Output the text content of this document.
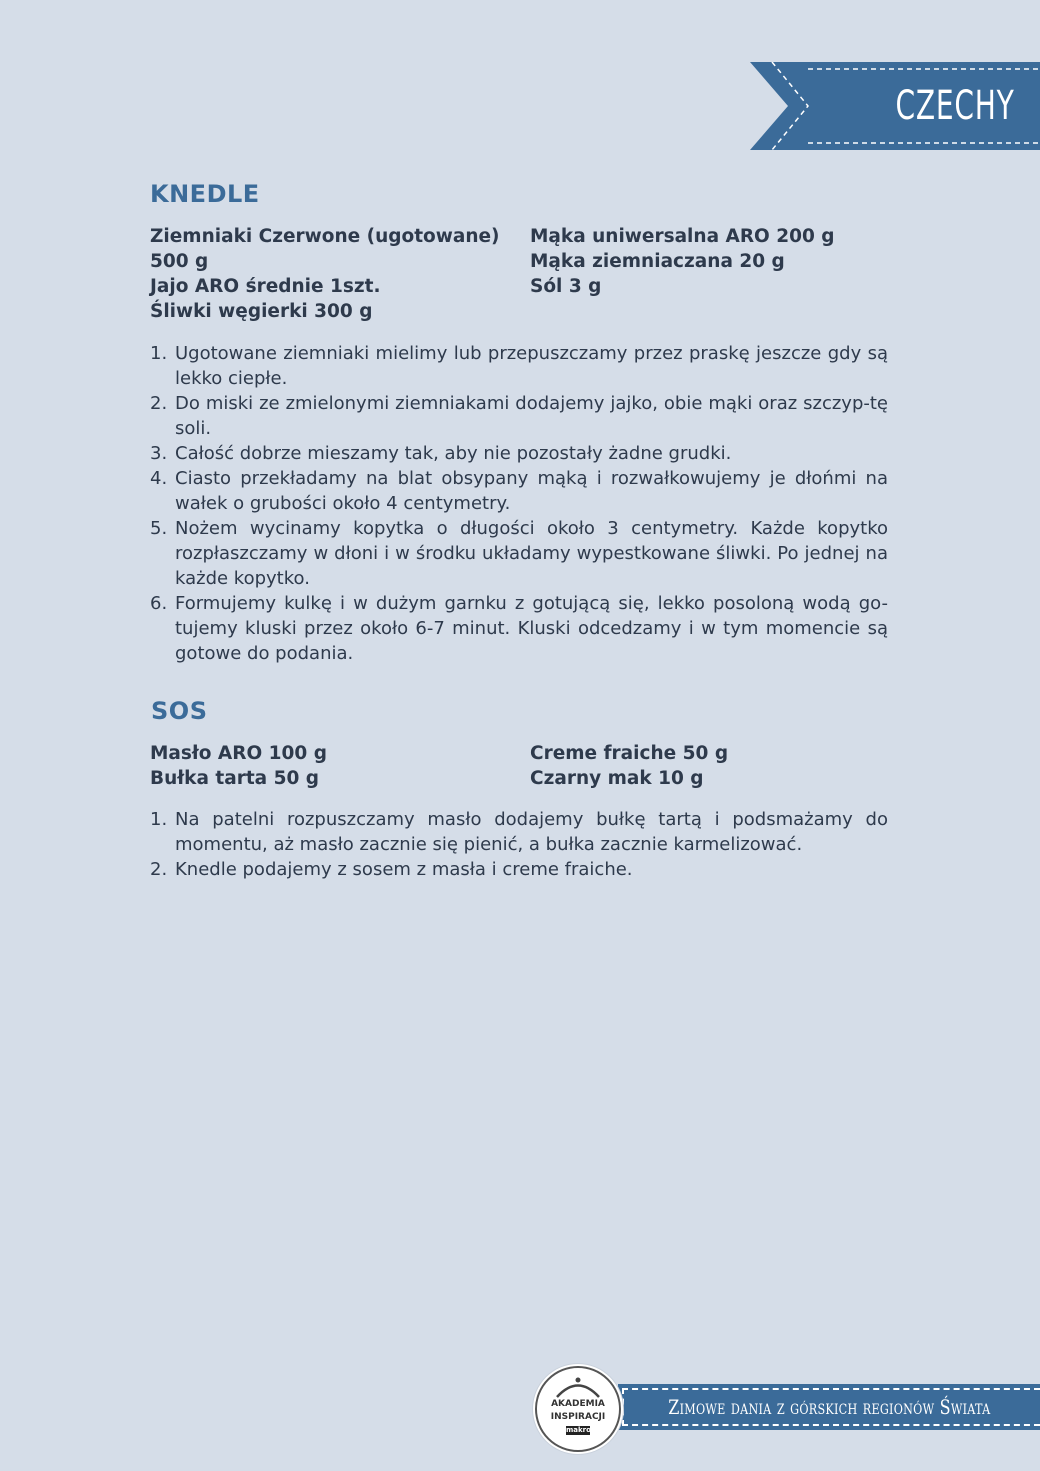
CZECHY
KNEDLE
Ziemniaki Czerwone (ugotowane)
500 g
Jajo ARO średnie 1szt.
Śliwki węgierki 300 g
Mąka uniwersalna ARO 200 g
Mąka ziemniaczana 20 g
Sól 3 g
1. Ugotowane ziemniaki mielimy lub przepuszczamy przez praskę jeszcze gdy są lekko ciepłe.
2. Do miski ze zmielonymi ziemniakami dodajemy jajko, obie mąki oraz szczyp-tę soli.
3. Całość dobrze mieszamy tak, aby nie pozostały żadne grudki.
4. Ciasto przekładamy na blat obsypany mąką i rozwałkowujemy je dłońmi na wałek o grubości około 4 centymetry.
5. Nożem wycinamy kopytka o długości około 3 centymetry. Każde kopytko rozpłaszczamy w dłoni i w środku układamy wypestkowane śliwki. Po jednej na każde kopytko.
6. Formujemy kulkę i w dużym garnku z gotującą się, lekko posoloną wodą go-tujemy kluski przez około 6-7 minut. Kluski odcedzamy i w tym momencie są gotowe do podania.
SOS
Masło ARO 100 g
Bułka tarta 50 g
Creme fraiche 50 g
Czarny mak 10 g
1. Na patelni rozpuszczamy masło dodajemy bułkę tartą i podsmażamy do momentu, aż masło zacznie się pienić, a bułka zacznie karmelizować.
2. Knedle podajemy z sosem z masła i creme fraiche.
Zimowe dania z górskich regionów Świata
AKADEMIA
INSPIRACJI
makro
